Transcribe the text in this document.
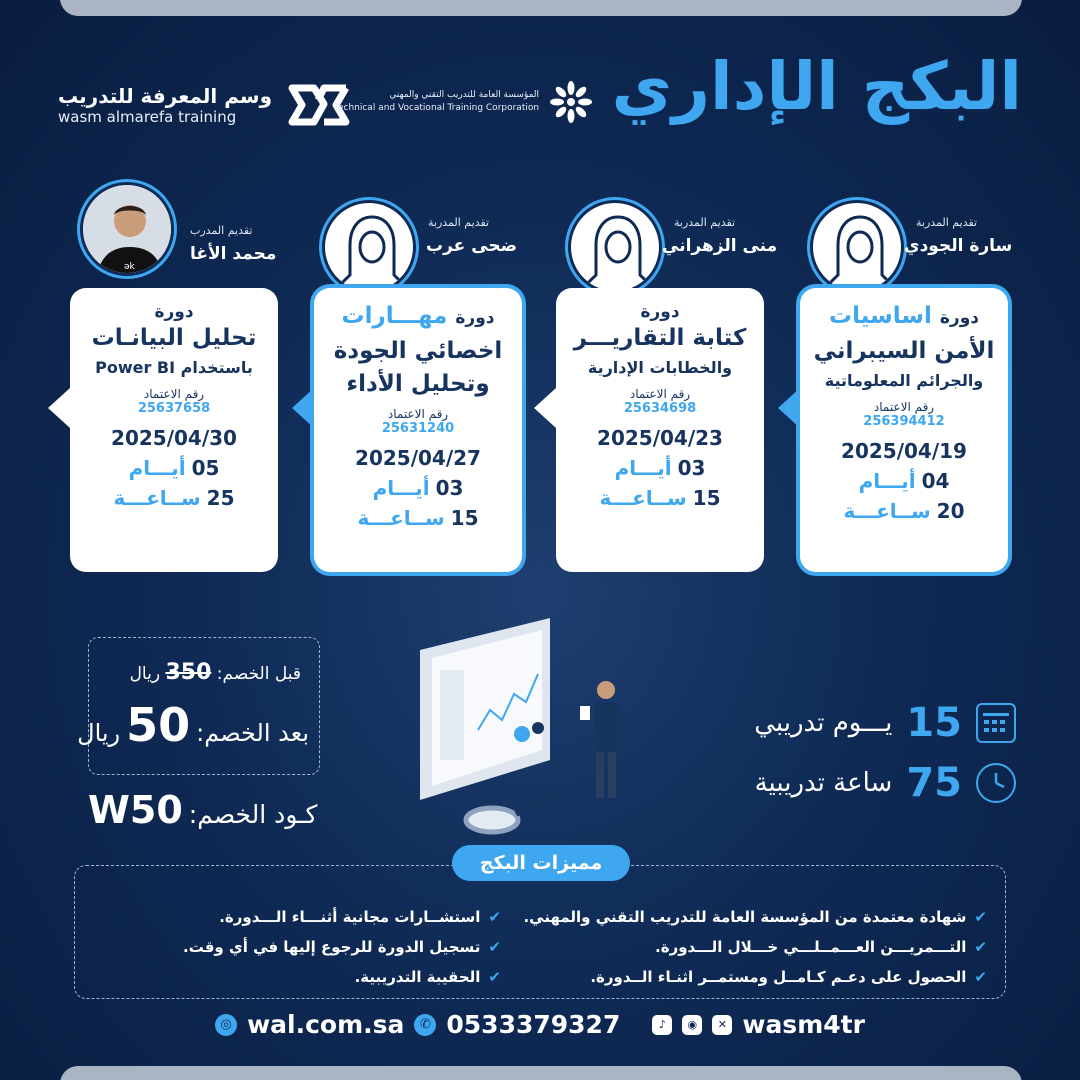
البكج الإداري
وسم المعرفة للتدريب
wasm almarefa training
المؤسسة العامة للتدريب التقني والمهني
Technical and Vocational Training Corporation
تقديم المدربة
سارة الجودي
تقديم المدربة
منى الزهراني
تقديم المدربة
ضحى عرب
ək
تقديم المدرب
محمد الأغا
دورة اساسيات
الأمن السيبراني
والجرائم المعلوماتية
رقم الاعتماد
256394412
2025/04/19
04
أيـــام
20
ســاعـــة
دورة
كتابة التقاريـــر
والخطابات الإدارية
رقم الاعتماد
25634698
2025/04/23
03
أيـــام
15
ســاعـــة
دورة مهـــارات
اخصائي الجودة
وتحليل الأداء
رقم الاعتماد
25631240
2025/04/27
03
أيـــام
15
ســاعـــة
دورة
تحليل البيانـات
باستخدام Power BI
رقم الاعتماد
25637658
2025/04/30
05
أيـــام
25
ســاعـــة
قبل الخصم: 350 ريال
بعد الخصم:
50
ريال
كـود الخصم:
W50
15
يـــوم تدريبي
75
ساعة تدريبية
✔شهادة معتمدة من المؤسسة العامة للتدريب التقني والمهني.
✔التـــمريـــن العـــمــلـــي خـــلال الـــدورة.
✔الحصول على دعـم كـامــل ومستمــر اثنـاء الــدورة.
✔استشــارات مجانية أثنـــاء الـــدورة.
✔تسجيل الدورة للرجوع إليها في أي وقت.
✔الحقيبة التدريبية.
مميزات البكج
◎ wal.com.sa	✆ 0533379327	♪	◉	✕ wasm4tr
